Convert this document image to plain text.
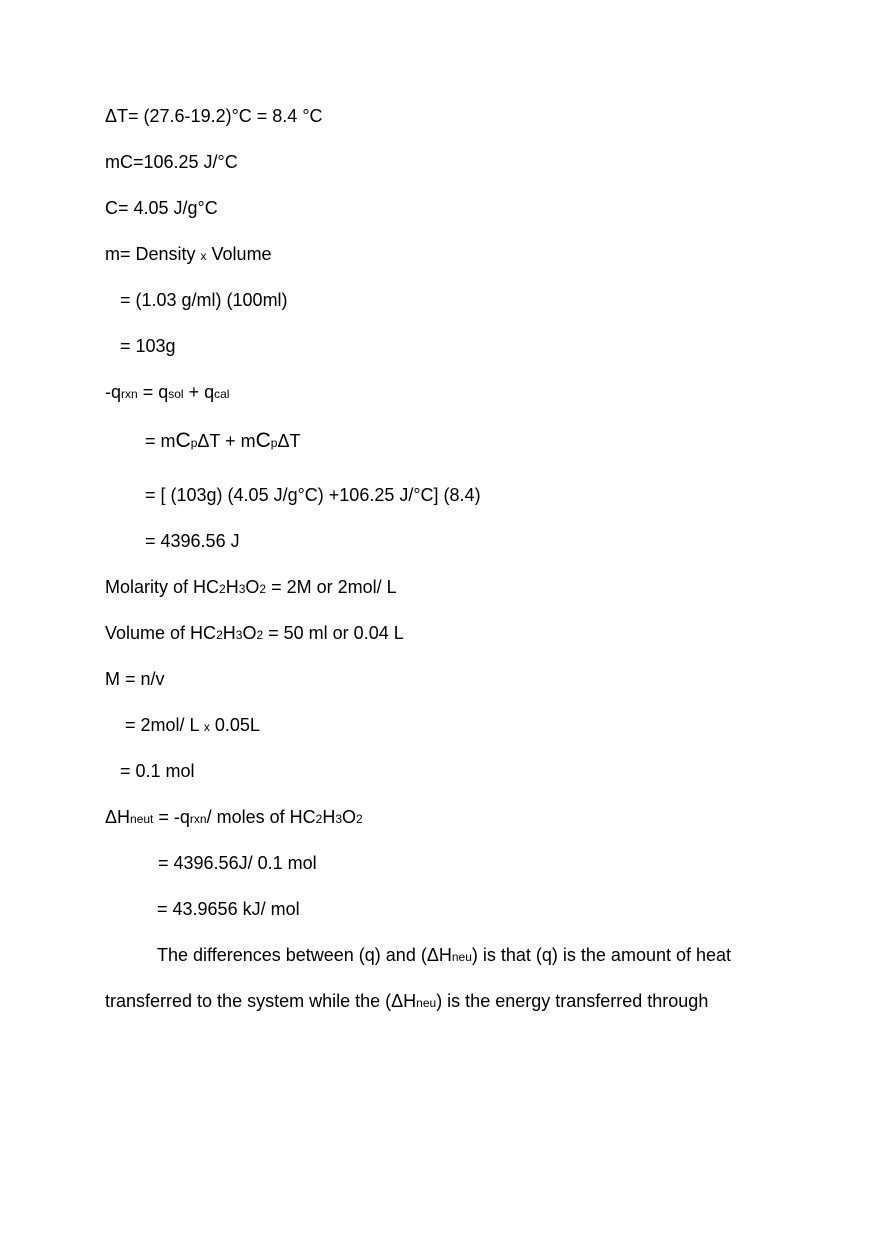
ΔT= (27.6-19.2)°C = 8.4 °C
mC=106.25 J/°C
C= 4.05 J/g°C
m= Density x Volume
= (1.03 g/ml) (100ml)
= 103g
-qrxn = qsol + qcal
= mCpΔT + mCpΔT
= [ (103g) (4.05 J/g°C) +106.25 J/°C] (8.4)
= 4396.56 J
Molarity of HC2H3O2 = 2M or 2mol/ L
Volume of HC2H3O2 = 50 ml or 0.04 L
M = n/v
= 2mol/ L x 0.05L
= 0.1 mol
ΔHneut = -qrxn/ moles of HC2H3O2
= 4396.56J/ 0.1 mol
= 43.9656 kJ/ mol
The differences between (q) and (ΔHneu) is that (q) is the amount of heat
transferred to the system while the (ΔHneu) is the energy transferred through
